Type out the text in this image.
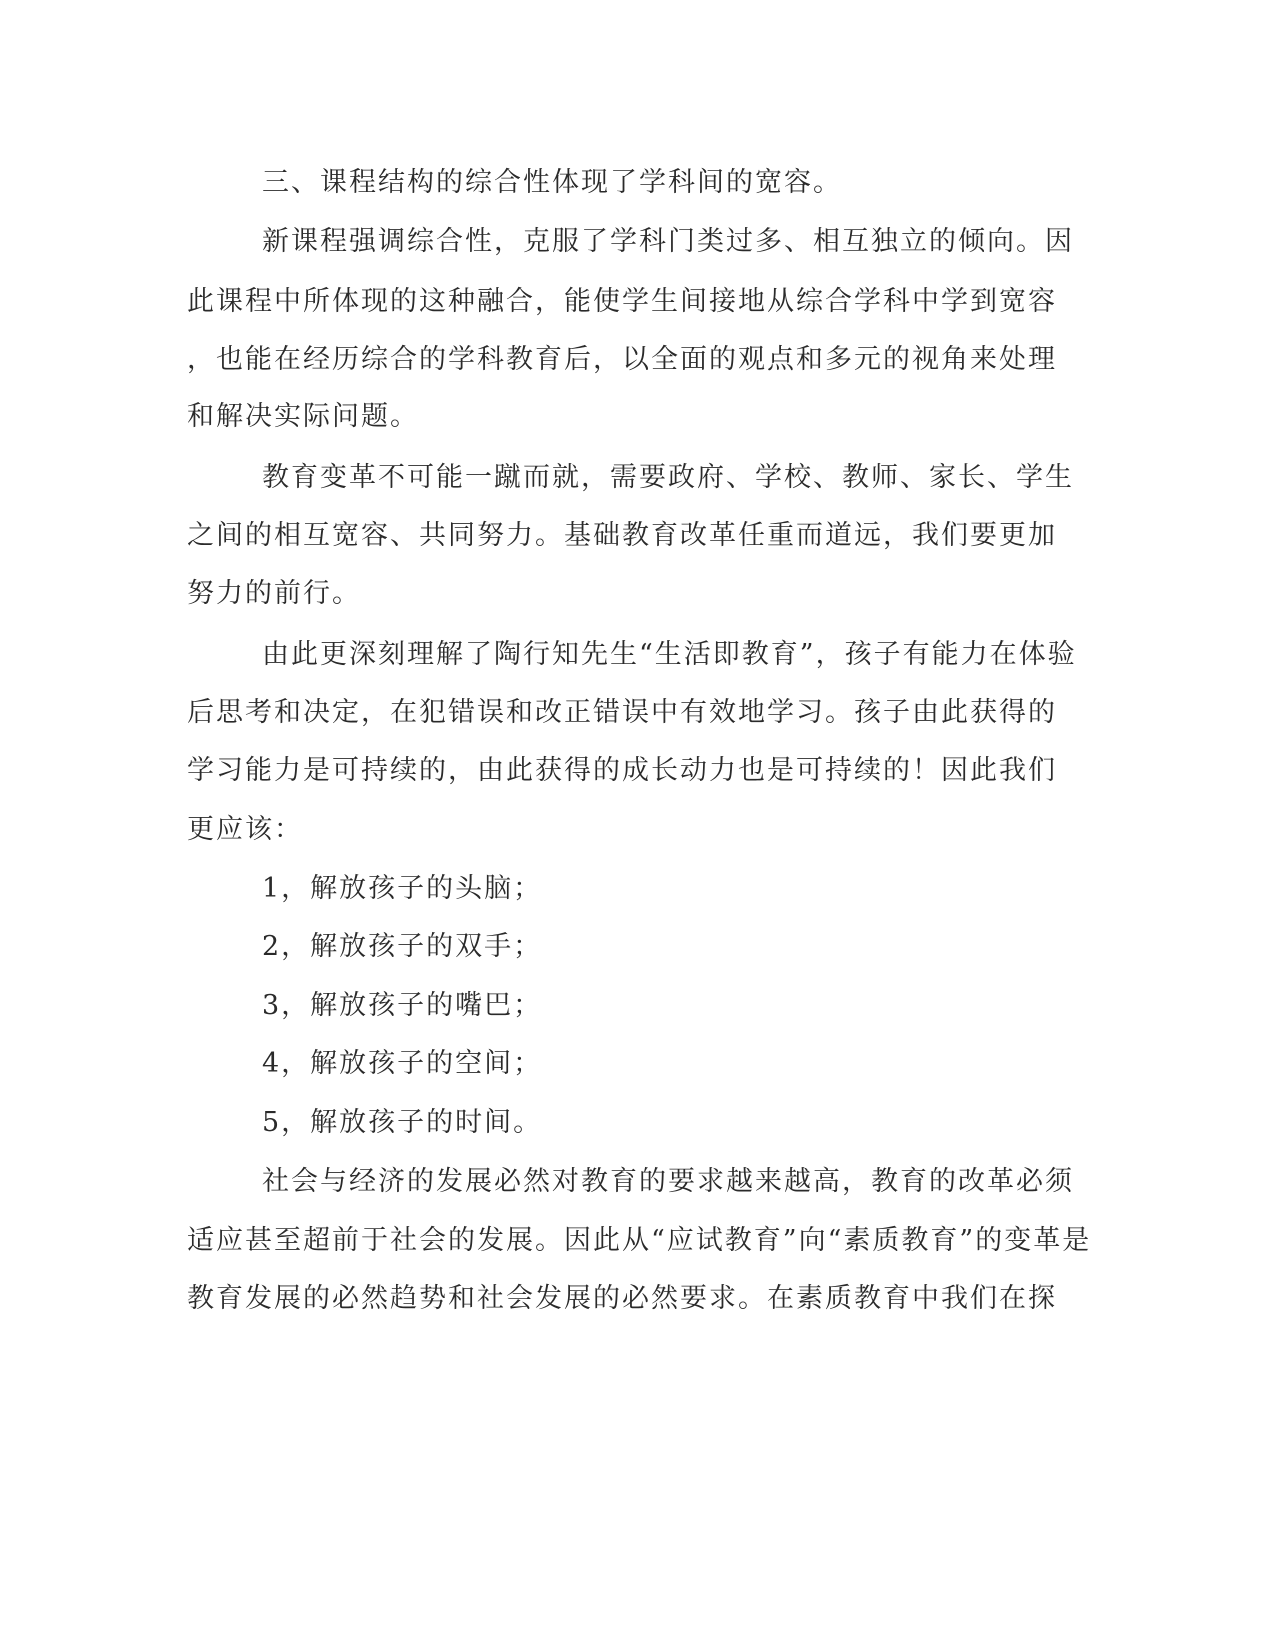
三、课程结构的综合性体现了学科间的宽容。

新课程强调综合性，克服了学科门类过多、相互独立的倾向。因

此课程中所体现的这种融合，能使学生间接地从综合学科中学到宽容

，也能在经历综合的学科教育后，以全面的观点和多元的视角来处理

和解决实际问题。

教育变革不可能一蹴而就，需要政府、学校、教师、家长、学生

之间的相互宽容、共同努力。基础教育改革任重而道远，我们要更加

努力的前行。

由此更深刻理解了陶行知先生“生活即教育”，孩子有能力在体验

后思考和决定，在犯错误和改正错误中有效地学习。孩子由此获得的

学习能力是可持续的，由此获得的成长动力也是可持续的！因此我们

更应该：

1，解放孩子的头脑；

2，解放孩子的双手；

3，解放孩子的嘴巴；

4，解放孩子的空间；

5，解放孩子的时间。

社会与经济的发展必然对教育的要求越来越高，教育的改革必须

适应甚至超前于社会的发展。因此从“应试教育”向“素质教育”的变革是

教育发展的必然趋势和社会发展的必然要求。在素质教育中我们在探
